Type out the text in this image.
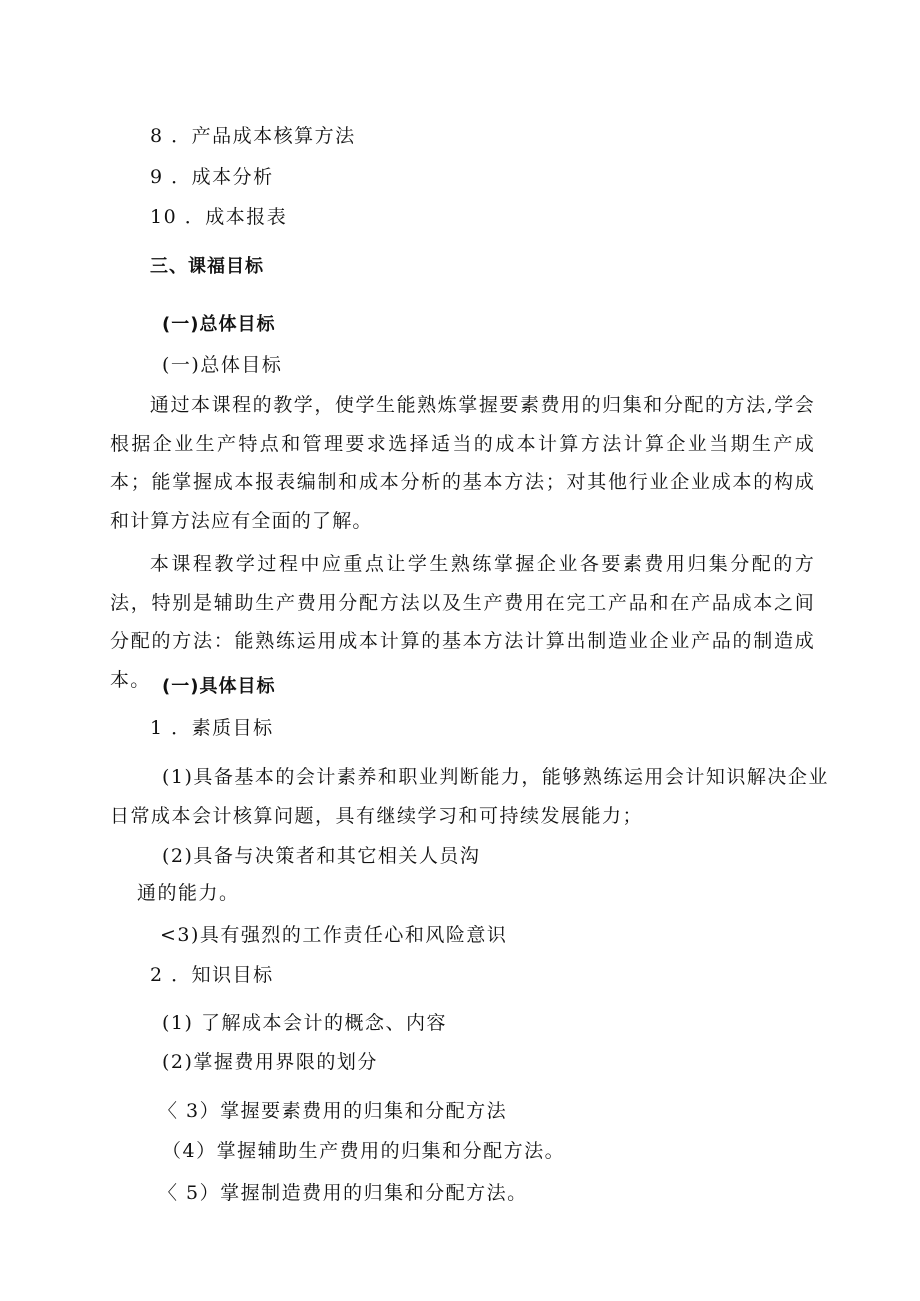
8 ．产品成本核算方法
9 ．成本分析
10 ．成本报表
三、课福目标
(一)总体目标
(一)总体目标
通过本课程的教学，使学生能熟炼掌握要素费用的归集和分配的方法,学会根据企业生产特点和管理要求选择适当的成本计算方法计算企业当期生产成本；能掌握成本报表编制和成本分析的基本方法；对其他行业企业成本的构成和计算方法应有全面的了解。
本课程教学过程中应重点让学生熟练掌握企业各要素费用归集分配的方法，特别是辅助生产费用分配方法以及生产费用在完工产品和在产品成本之间分配的方法：能熟练运用成本计算的基本方法计算出制造业企业产品的制造成本。 (一)具体目标
1 ．素质目标
(1)具备基本的会计素养和职业判断能力，能够熟练运用会计知识解决企业
日常成本会计核算问题，具有继续学习和可持续发展能力；
(2)具备与决策者和其它相关人员沟
通的能力。
<3)具有强烈的工作责任心和风险意识
2 ．知识目标
(1) 了解成本会计的概念、内容
(2)掌握费用界限的划分
〈 3）掌握要素费用的归集和分配方法
（4）掌握辅助生产费用的归集和分配方法。
〈 5）掌握制造费用的归集和分配方法。
